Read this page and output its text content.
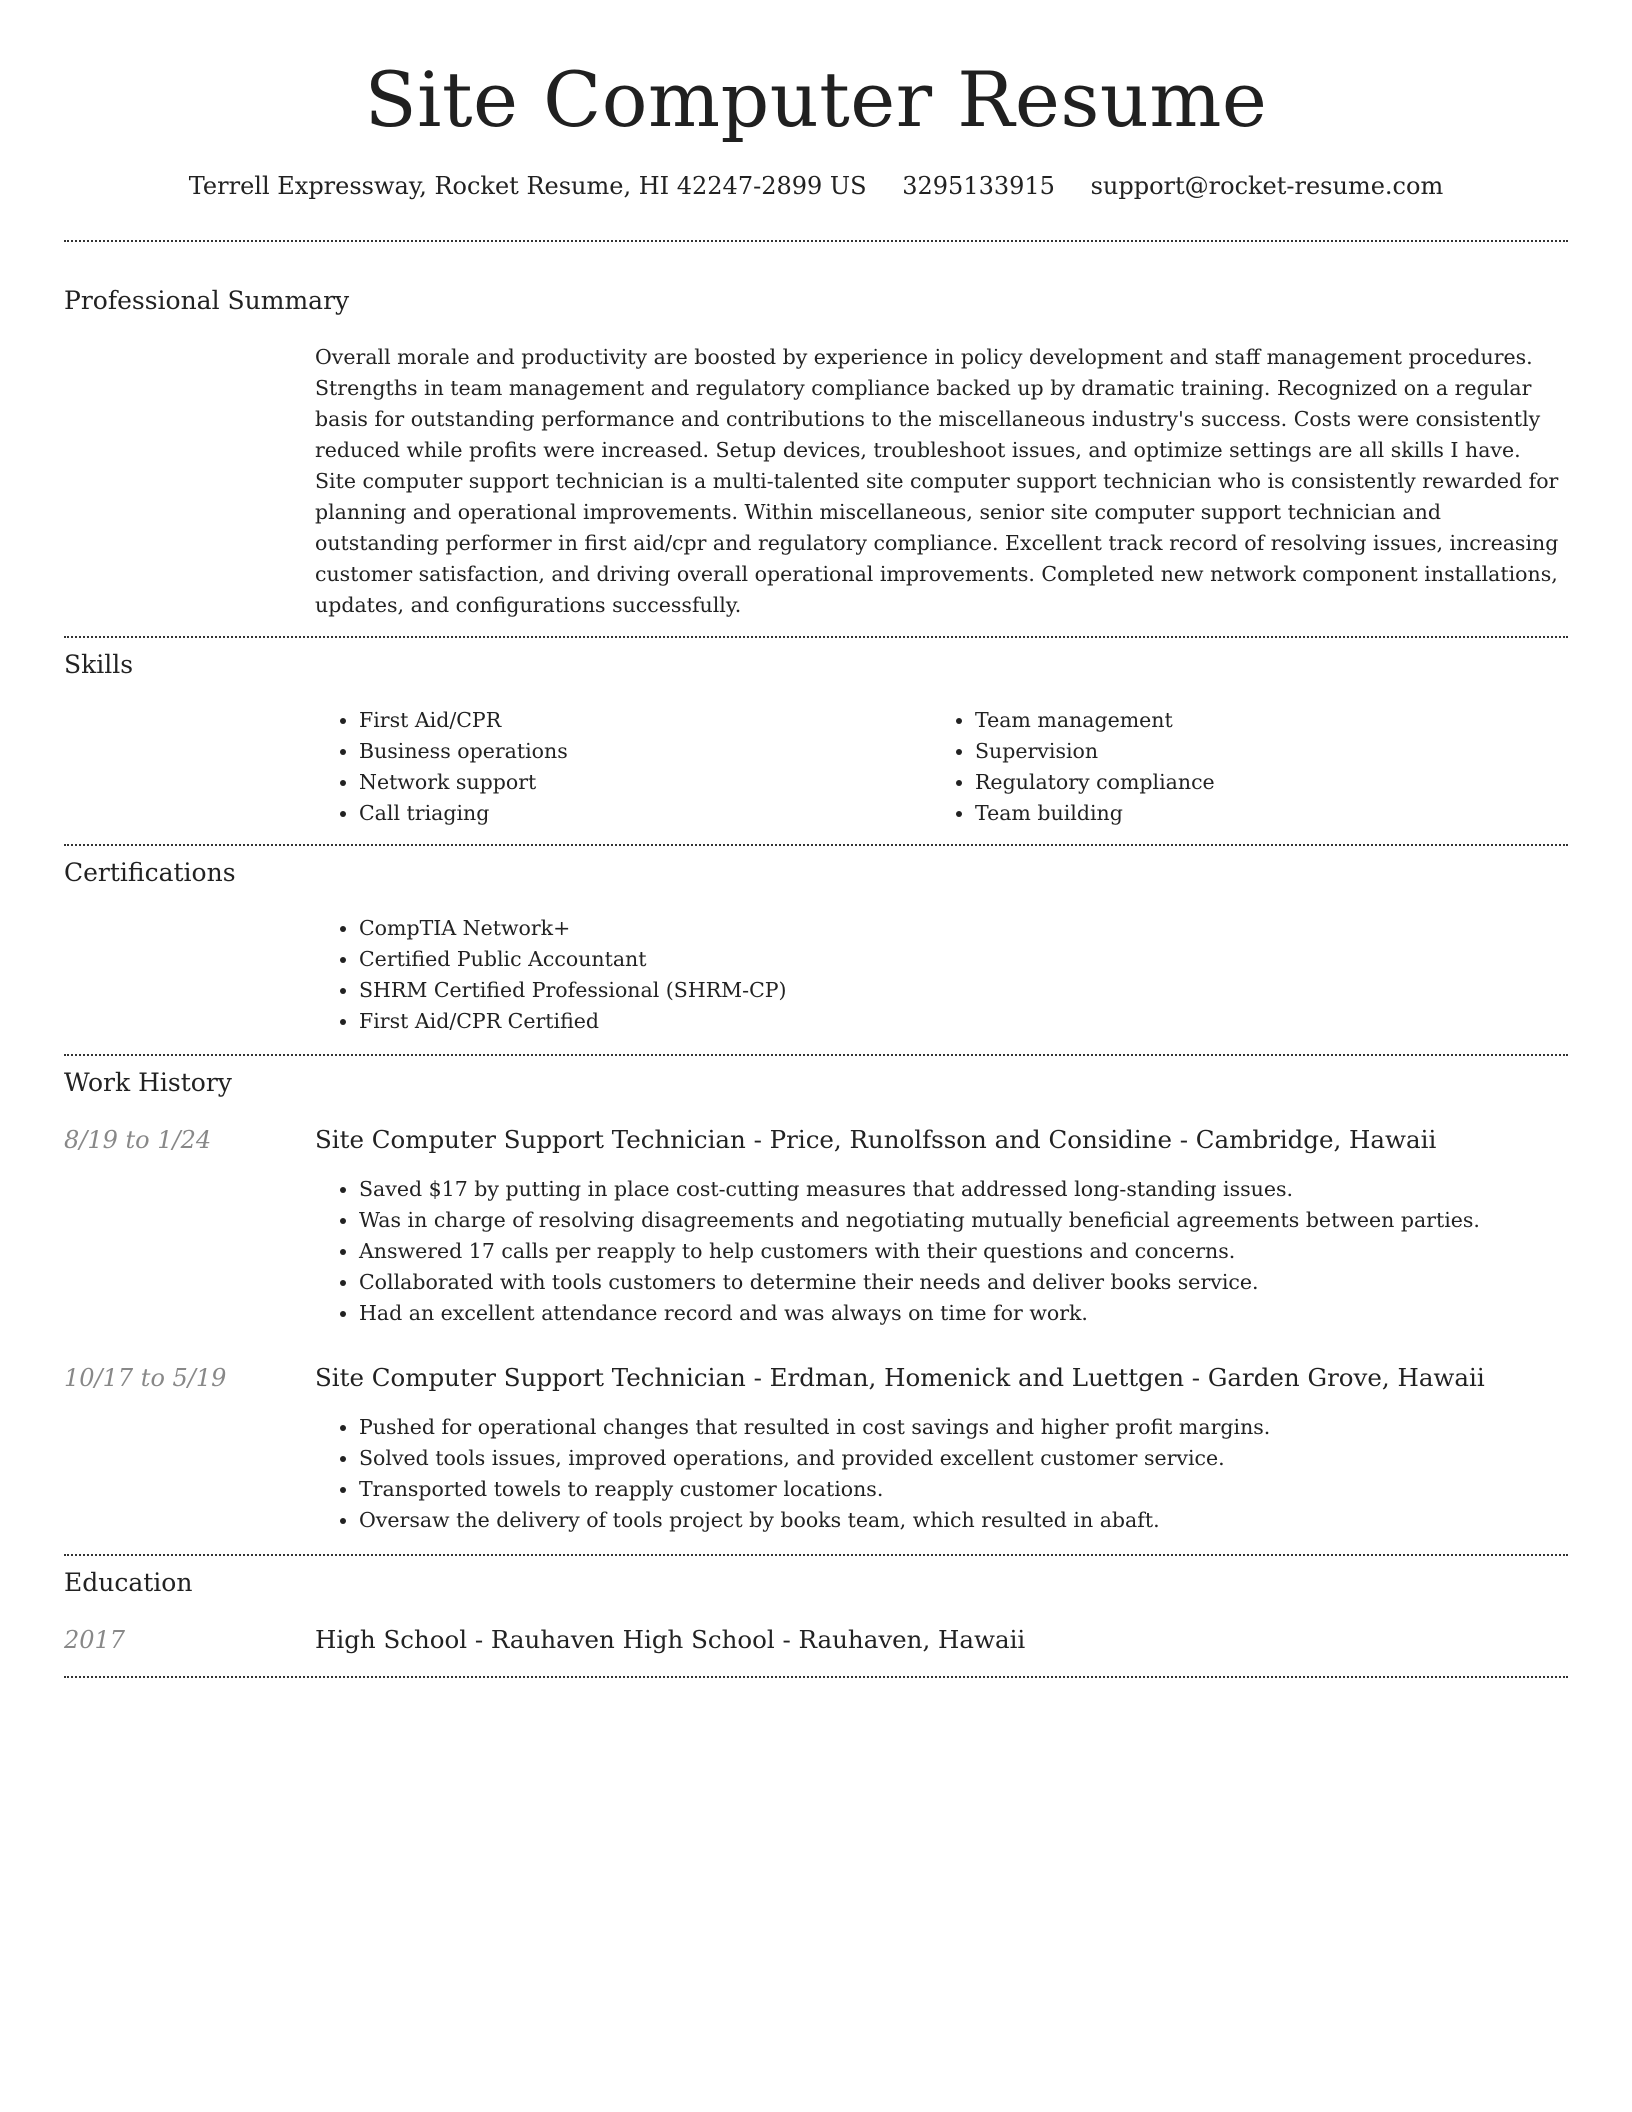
Site Computer Resume
Terrell Expressway, Rocket Resume, HI 42247-2899 US 3295133915 support@rocket-resume.com
Professional Summary
Overall morale and productivity are boosted by experience in policy development and staff management procedures. Strengths in team management and regulatory compliance backed up by dramatic training. Recognized on a regular basis for outstanding performance and contributions to the miscellaneous industry's success. Costs were consistently reduced while profits were increased. Setup devices, troubleshoot issues, and optimize settings are all skills I have. Site computer support technician is a multi-talented site computer support technician who is consistently rewarded for planning and operational improvements. Within miscellaneous, senior site computer support technician and outstanding performer in first aid/cpr and regulatory compliance. Excellent track record of resolving issues, increasing customer satisfaction, and driving overall operational improvements. Completed new network component installations, updates, and configurations successfully.
Skills
• First Aid/CPR
• Business operations
• Network support
• Call triaging
• Team management
• Supervision
• Regulatory compliance
• Team building
Certifications
• CompTIA Network+
• Certified Public Accountant
• SHRM Certified Professional (SHRM-CP)
• First Aid/CPR Certified
Work History
8/19 to 1/24	Site Computer Support Technician - Price, Runolfsson and Considine - Cambridge, Hawaii
• Saved $17 by putting in place cost-cutting measures that addressed long-standing issues.
• Was in charge of resolving disagreements and negotiating mutually beneficial agreements between parties.
• Answered 17 calls per reapply to help customers with their questions and concerns.
• Collaborated with tools customers to determine their needs and deliver books service.
• Had an excellent attendance record and was always on time for work.
10/17 to 5/19	Site Computer Support Technician - Erdman, Homenick and Luettgen - Garden Grove, Hawaii
• Pushed for operational changes that resulted in cost savings and higher profit margins.
• Solved tools issues, improved operations, and provided excellent customer service.
• Transported towels to reapply customer locations.
• Oversaw the delivery of tools project by books team, which resulted in abaft.
Education
2017	High School - Rauhaven High School - Rauhaven, Hawaii
